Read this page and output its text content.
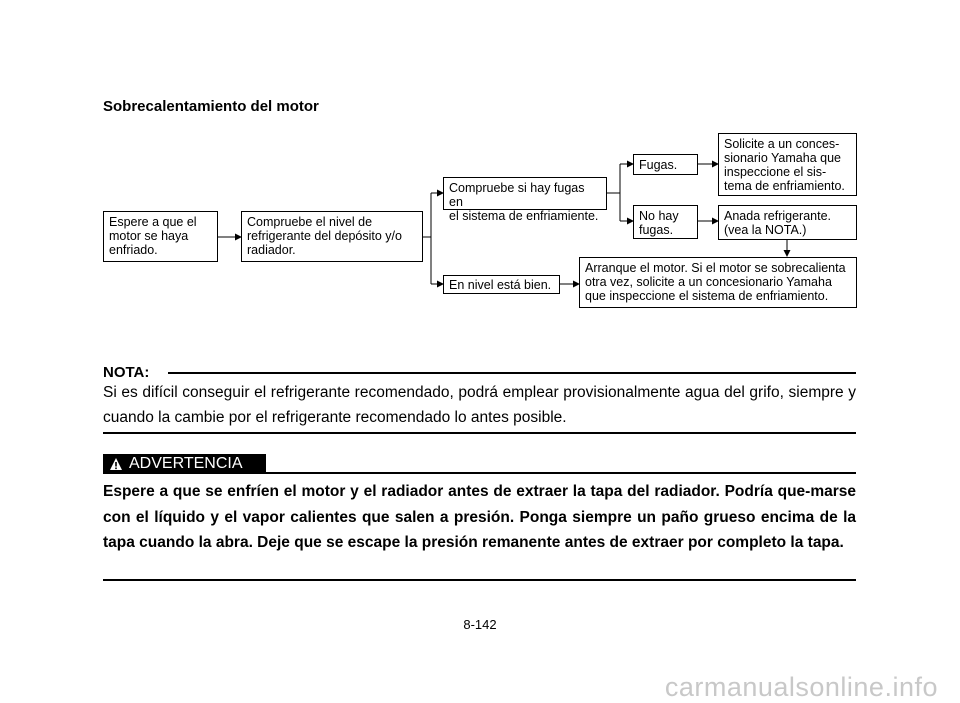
Sobrecalentamiento del motor
Espere a que el
motor se haya
enfriado.
Compruebe el nivel de
refrigerante del depósito y/o
radiador.
Compruebe si hay fugas en
el sistema de enfriamiente.
En nivel está bien.
Fugas.
No hay
fugas.
Solicite a un conces-
sionario Yamaha que
inspeccione el sis-
tema de enfriamiento.
Anada refrigerante.
(vea la NOTA.)
Arranque el motor. Si el motor se sobrecalienta
otra vez, solicite a un concesionario Yamaha
que inspeccione el sistema de enfriamiento.
NOTA:
Si es difícil conseguir el refrigerante recomendado, podrá emplear provisionalmente agua del grifo, siempre y cuando la cambie por el refrigerante recomendado lo antes posible.
ADVERTENCIA
Espere a que se enfríen el motor y el radiador antes de extraer la tapa del radiador. Podría que-marse con el líquido y el vapor calientes que salen a presión. Ponga siempre un paño grueso encima de la tapa cuando la abra. Deje que se escape la presión remanente antes de extraer por completo la tapa.
8-142
carmanualsonline.info
